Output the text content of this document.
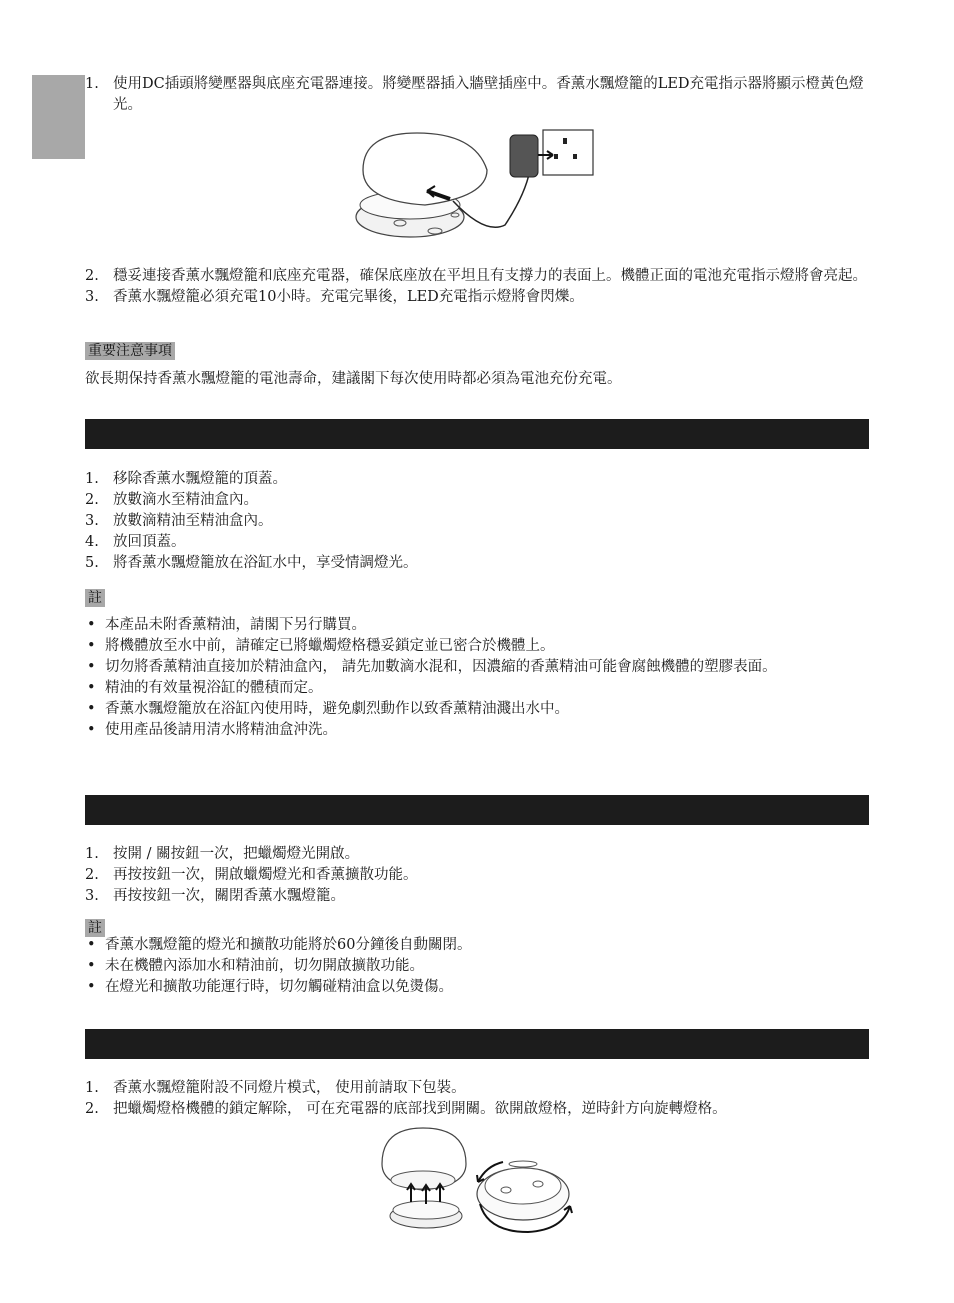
1. 使用DC插頭將變壓器與底座充電器連接。將變壓器插入牆壁插座中。香薰水飄燈籠的LED充電指示器將顯示橙黃色燈光。
2. 穩妥連接香薰水飄燈籠和底座充電器，確保底座放在平坦且有支撐力的表面上。機體正面的電池充電指示燈將會亮起。
3. 香薰水飄燈籠必須充電10小時。充電完畢後，LED充電指示燈將會閃爍。
重要注意事項
欲長期保持香薰水飄燈籠的電池壽命，建議閣下每次使用時都必須為電池充份充電。
1. 移除香薰水飄燈籠的頂蓋。
2. 放數滴水至精油盒內。
3. 放數滴精油至精油盒內。
4. 放回頂蓋。
5. 將香薰水飄燈籠放在浴缸水中，享受情調燈光。
註
• 本產品未附香薰精油，請閣下另行購買。
• 將機體放至水中前，請確定已將蠟燭燈格穩妥鎖定並已密合於機體上。
• 切勿將香薰精油直接加於精油盒內， 請先加數滴水混和，因濃縮的香薰精油可能會腐蝕機體的塑膠表面。
• 精油的有效量視浴缸的體積而定。
• 香薰水飄燈籠放在浴缸內使用時，避免劇烈動作以致香薰精油濺出水中。
• 使用產品後請用清水將精油盒沖洗。
1. 按開 / 關按鈕一次，把蠟燭燈光開啟。
2. 再按按鈕一次，開啟蠟燭燈光和香薰擴散功能。
3. 再按按鈕一次，關閉香薰水飄燈籠。
註
• 香薰水飄燈籠的燈光和擴散功能將於60分鐘後自動關閉。
• 未在機體內添加水和精油前，切勿開啟擴散功能。
• 在燈光和擴散功能運行時，切勿觸碰精油盒以免燙傷。
1. 香薰水飄燈籠附設不同燈片模式， 使用前請取下包裝。
2. 把蠟燭燈格機體的鎖定解除， 可在充電器的底部找到開關。欲開啟燈格，逆時針方向旋轉燈格。
